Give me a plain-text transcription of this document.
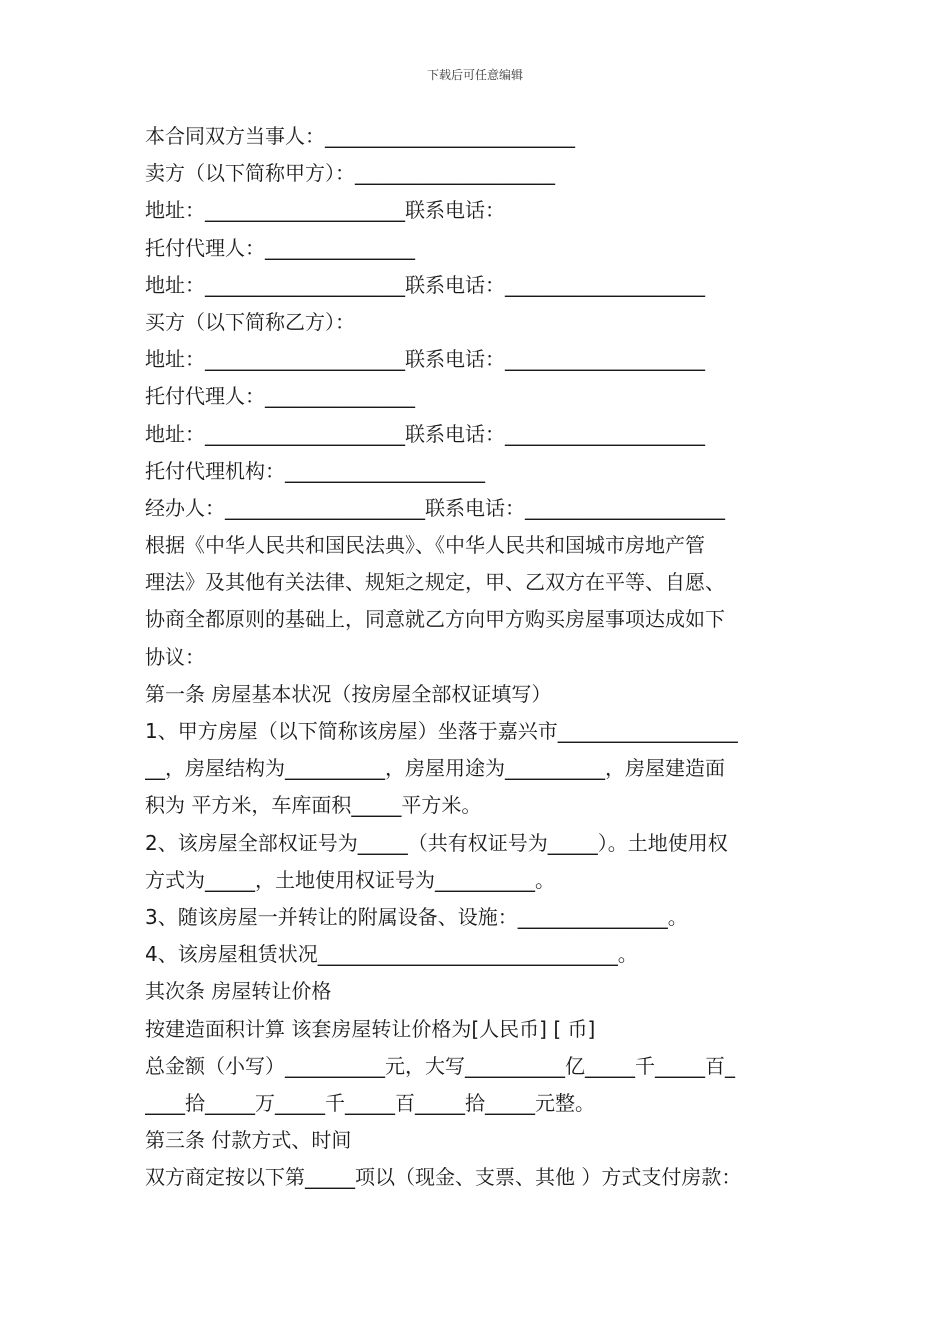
下载后可任意编辑
本合同双方当事人：_________________________
卖方（以下简称甲方）：____________________
地址：____________________联系电话：
托付代理人：_______________
地址：____________________联系电话：____________________
买方（以下简称乙方）：
地址：____________________联系电话：____________________
托付代理人：_______________
地址：____________________联系电话：____________________
托付代理机构：____________________
经办人：____________________联系电话：____________________
根据《中华人民共和国民法典》、《中华人民共和国城市房地产管
理法》及其他有关法律、规矩之规定，甲、乙双方在平等、自愿、
协商全都原则的基础上，同意就乙方向甲方购买房屋事项达成如下
协议：
第一条 房屋基本状况（按房屋全部权证填写）
1、甲方房屋（以下简称该房屋）坐落于嘉兴市__________________
__，房屋结构为__________，房屋用途为__________，房屋建造面
积为 平方米，车库面积_____平方米。
2、该房屋全部权证号为_____（共有权证号为_____）。土地使用权
方式为_____，土地使用权证号为__________。
3、随该房屋一并转让的附属设备、设施：_______________。
4、该房屋租赁状况______________________________。
其次条 房屋转让价格
按建造面积计算 该套房屋转让价格为[人民币] [ 币]
总金额（小写）__________元，大写__________亿_____千_____百_
____拾_____万_____千_____百_____拾_____元整。
第三条 付款方式、时间
双方商定按以下第_____项以（现金、支票、其他 ）方式支付房款：
